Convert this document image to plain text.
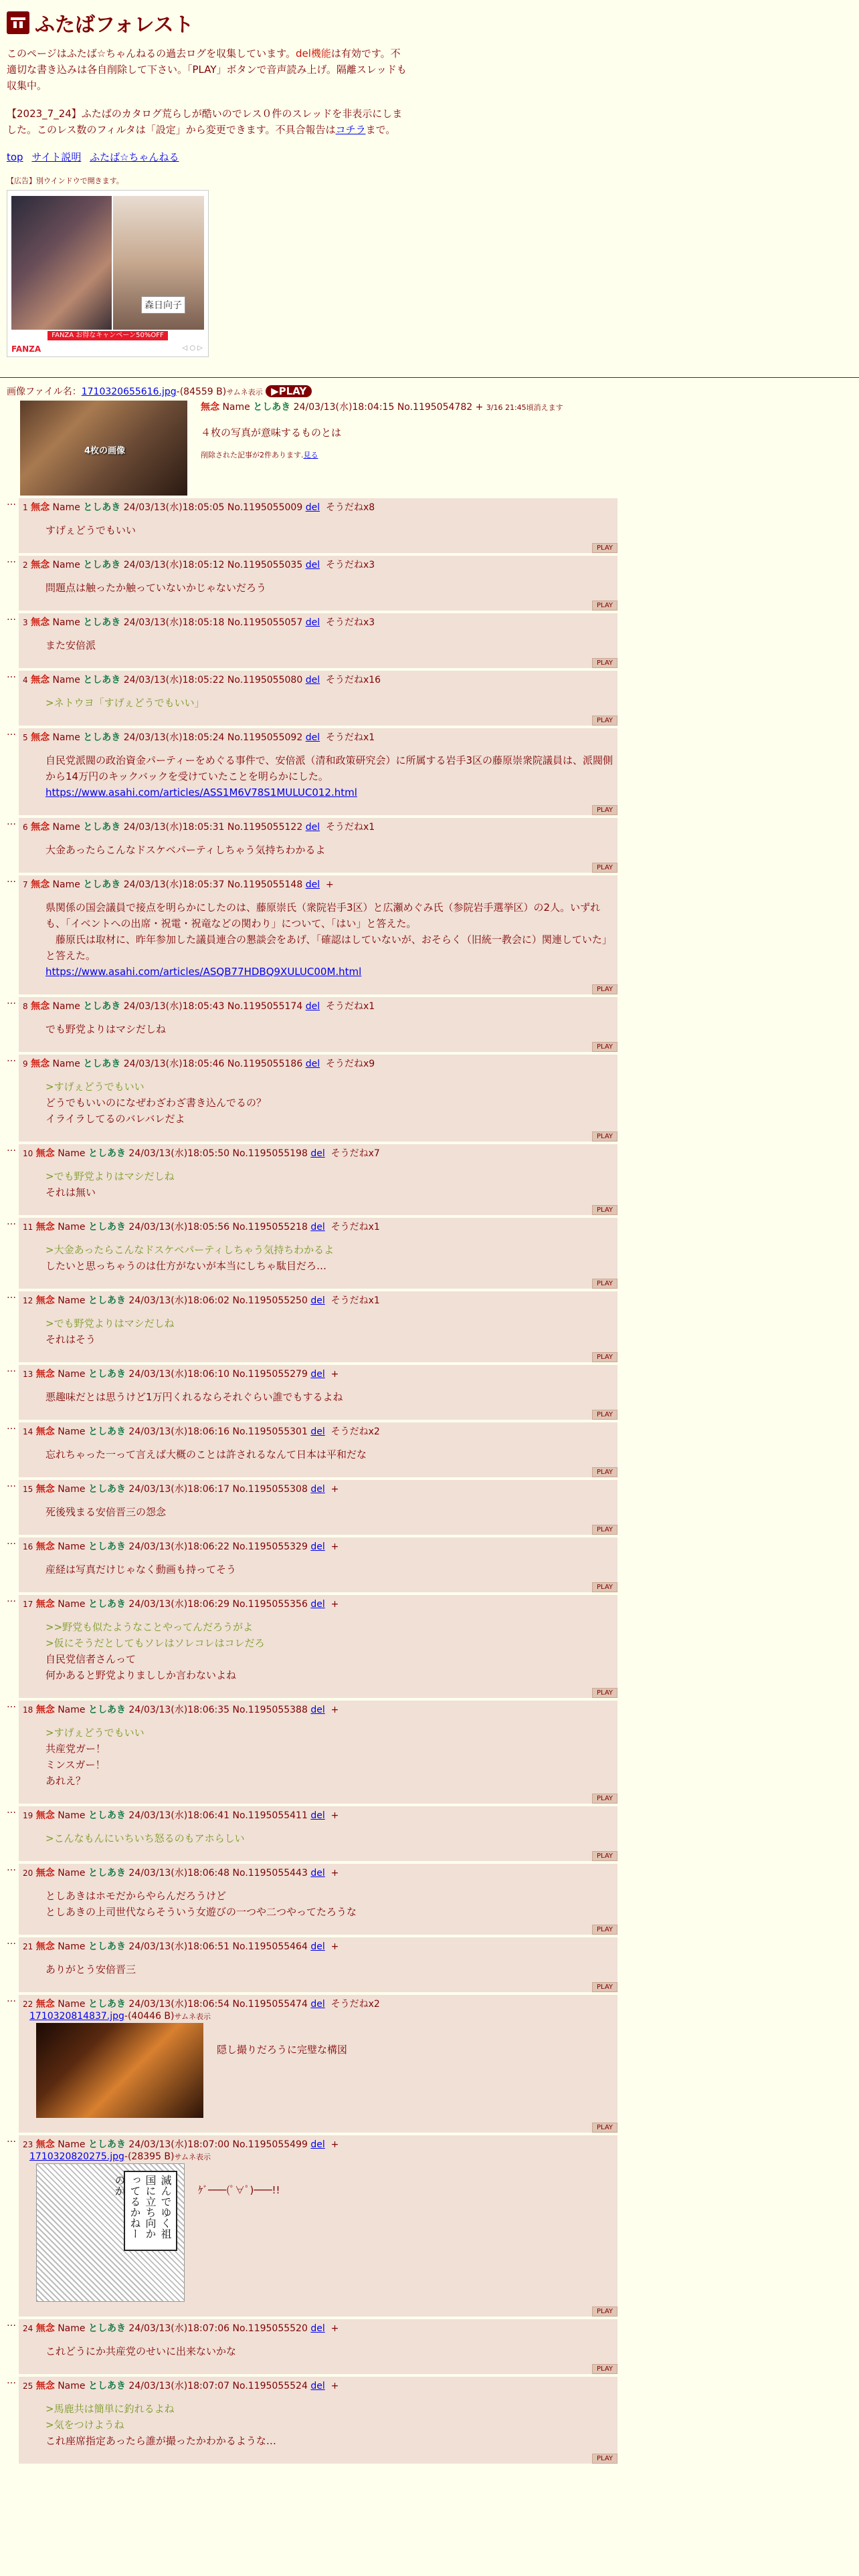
ふたばフォレスト

このページはふたば☆ちゃんねるの過去ログを収集しています。del機能は有効です。不適切な書き込みは各自削除して下さい。「PLAY」ボタンで音声読み上げ。隔離スレッドも収集中。

【2023_7_24】ふたばのカタログ荒らしが酷いのでレス０件のスレッドを非表示にしました。このレス数のフィルタは「設定」から変更できます。不具合報告はコチラまで。

top サイト説明 ふたば☆ちゃんねる
【広告】別ウインドウで開きます。
森日向子
FANZA お得なキャンペーン50%OFF
FANZA	◁ ○ ▷
画像ファイル名：1710320655616.jpg-(84559 B)サムネ表示 ▶PLAY
4枚の画像
無念 Name としあき 24/03/13(水)18:04:15 No.1195054782 + 3/16 21:45頃消えます
４枚の写真が意味するものとは
削除された記事が2件あります.見る
… 1 無念 Name としあき 24/03/13(水)18:05:05 No.1195055009 del そうだねx8
すげぇどうでもいい
PLAY
… 2 無念 Name としあき 24/03/13(水)18:05:12 No.1195055035 del そうだねx3
問題点は触ったか触っていないかじゃないだろう
PLAY
… 3 無念 Name としあき 24/03/13(水)18:05:18 No.1195055057 del そうだねx3
また安倍派
PLAY
… 4 無念 Name としあき 24/03/13(水)18:05:22 No.1195055080 del そうだねx16
>ネトウヨ「すげぇどうでもいい」
PLAY
… 5 無念 Name としあき 24/03/13(水)18:05:24 No.1195055092 del そうだねx1
自民党派閥の政治資金パーティーをめぐる事件で、安倍派（清和政策研究会）に所属する岩手3区の藤原崇衆院議員は、派閥側から14万円のキックバックを受けていたことを明らかにした。
https://www.asahi.com/articles/ASS1M6V78S1MULUC012.html
PLAY
… 6 無念 Name としあき 24/03/13(水)18:05:31 No.1195055122 del そうだねx1
大金あったらこんなドスケベパーティしちゃう気持ちわかるよ
PLAY
… 7 無念 Name としあき 24/03/13(水)18:05:37 No.1195055148 del +
県関係の国会議員で接点を明らかにしたのは、藤原崇氏（衆院岩手3区）と広瀬めぐみ氏（参院岩手選挙区）の2人。いずれも、「イベントへの出席・祝電・祝竜などの関わり」について、「はい」と答えた。
　藤原氏は取材に、昨年参加した議員連合の懇談会をあげ、「確認はしていないが、おそらく（旧統一教会に）関連していた」と答えた。
https://www.asahi.com/articles/ASQB77HDBQ9XULUC00M.html
PLAY
… 8 無念 Name としあき 24/03/13(水)18:05:43 No.1195055174 del そうだねx1
でも野党よりはマシだしね
PLAY
… 9 無念 Name としあき 24/03/13(水)18:05:46 No.1195055186 del そうだねx9
>すげぇどうでもいい
どうでもいいのになぜわざわざ書き込んでるの？
イライラしてるのバレバレだよ
PLAY
… 10 無念 Name としあき 24/03/13(水)18:05:50 No.1195055198 del そうだねx7
>でも野党よりはマシだしね
それは無い
PLAY
… 11 無念 Name としあき 24/03/13(水)18:05:56 No.1195055218 del そうだねx1
>大金あったらこんなドスケベパーティしちゃう気持ちわかるよ
したいと思っちゃうのは仕方がないが本当にしちゃ駄目だろ…
PLAY
… 12 無念 Name としあき 24/03/13(水)18:06:02 No.1195055250 del そうだねx1
>でも野党よりはマシだしね
それはそう
PLAY
… 13 無念 Name としあき 24/03/13(水)18:06:10 No.1195055279 del +
悪趣味だとは思うけど1万円くれるならそれぐらい誰でもするよね
PLAY
… 14 無念 Name としあき 24/03/13(水)18:06:16 No.1195055301 del そうだねx2
忘れちゃった一って言えば大概のことは許されるなんて日本は平和だな
PLAY
… 15 無念 Name としあき 24/03/13(水)18:06:17 No.1195055308 del +
死後残まる安倍晋三の怨念
PLAY
… 16 無念 Name としあき 24/03/13(水)18:06:22 No.1195055329 del +
産経は写真だけじゃなく動画も持ってそう
PLAY
… 17 無念 Name としあき 24/03/13(水)18:06:29 No.1195055356 del +
>>野党も似たようなことやってんだろうがよ
>仮にそうだとしてもソレはソレコレはコレだろ
自民党信者さんって
何かあると野党よりまししか言わないよね
PLAY
… 18 無念 Name としあき 24/03/13(水)18:06:35 No.1195055388 del +
>すげぇどうでもいい
共産党ガー！
ミンスガー！
あれえ？
PLAY
… 19 無念 Name としあき 24/03/13(水)18:06:41 No.1195055411 del +
>こんなもんにいちいち怒るのもアホらしい
PLAY
… 20 無念 Name としあき 24/03/13(水)18:06:48 No.1195055443 del +
としあきはホモだからやらんだろうけど
としあきの上司世代ならそういう女遊びの一つや二つやってたろうな
PLAY
… 21 無念 Name としあき 24/03/13(水)18:06:51 No.1195055464 del +
ありがとう安倍晋三
PLAY
… 22 無念 Name としあき 24/03/13(水)18:06:54 No.1195055474 del そうだねx2
1710320814837.jpg-(40446 B)サムネ表示
隠し撮りだろうに完璧な構図
PLAY
… 23 無念 Name としあき 24/03/13(水)18:07:00 No.1195055499 del +
1710320820275.jpg-(28395 B)サムネ表示
滅んでゆく祖国に立ち向かってるかねーのか	ｹﾞ───(ﾟ∀ﾟ)───!!
PLAY
… 24 無念 Name としあき 24/03/13(水)18:07:06 No.1195055520 del +
これどうにか共産党のせいに出来ないかな
PLAY
… 25 無念 Name としあき 24/03/13(水)18:07:07 No.1195055524 del +
>馬鹿共は簡単に釣れるよね
>気をつけようね
これ座席指定あったら誰が撮ったかわかるような…
PLAY
